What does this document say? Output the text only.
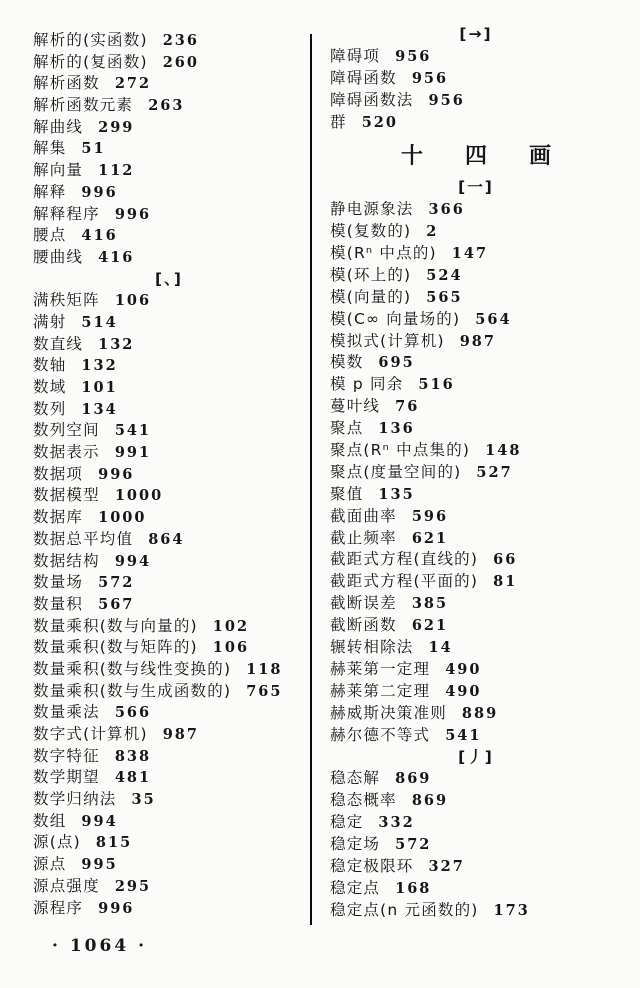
解析的(实函数) 236
解析的(复函数) 260
解析函数 272
解析函数元素 263
解曲线 299
解集 51
解向量 112
解释 996
解释程序 996
腰点 416
腰曲线 416
[、]
满秩矩阵 106
满射 514
数直线 132
数轴 132
数域 101
数列 134
数列空间 541
数据表示 991
数据项 996
数据模型 1000
数据库 1000
数据总平均值 864
数据结构 994
数量场 572
数量积 567
数量乘积(数与向量的) 102
数量乘积(数与矩阵的) 106
数量乘积(数与线性变换的) 118
数量乘积(数与生成函数的) 765
数量乘法 566
数字式(计算机) 987
数字特征 838
数学期望 481
数学归纳法 35
数组 994
源(点) 815
源点 995
源点强度 295
源程序 996
[→]
障碍项 956
障碍函数 956
障碍函数法 956
群 520
十四画
[一]
静电源象法 366
模(复数的) 2
模(Rⁿ 中点的) 147
模(环上的) 524
模(向量的) 565
模(C∞ 向量场的) 564
模拟式(计算机) 987
模数 695
模 p 同余 516
蔓叶线 76
聚点 136
聚点(Rⁿ 中点集的) 148
聚点(度量空间的) 527
聚值 135
截面曲率 596
截止频率 621
截距式方程(直线的) 66
截距式方程(平面的) 81
截断误差 385
截断函数 621
辗转相除法 14
赫莱第一定理 490
赫莱第二定理 490
赫威斯决策准则 889
赫尔德不等式 541
[丿]
稳态解 869
稳态概率 869
稳定 332
稳定场 572
稳定极限环 327
稳定点 168
稳定点(n 元函数的) 173
· 1064 ·
